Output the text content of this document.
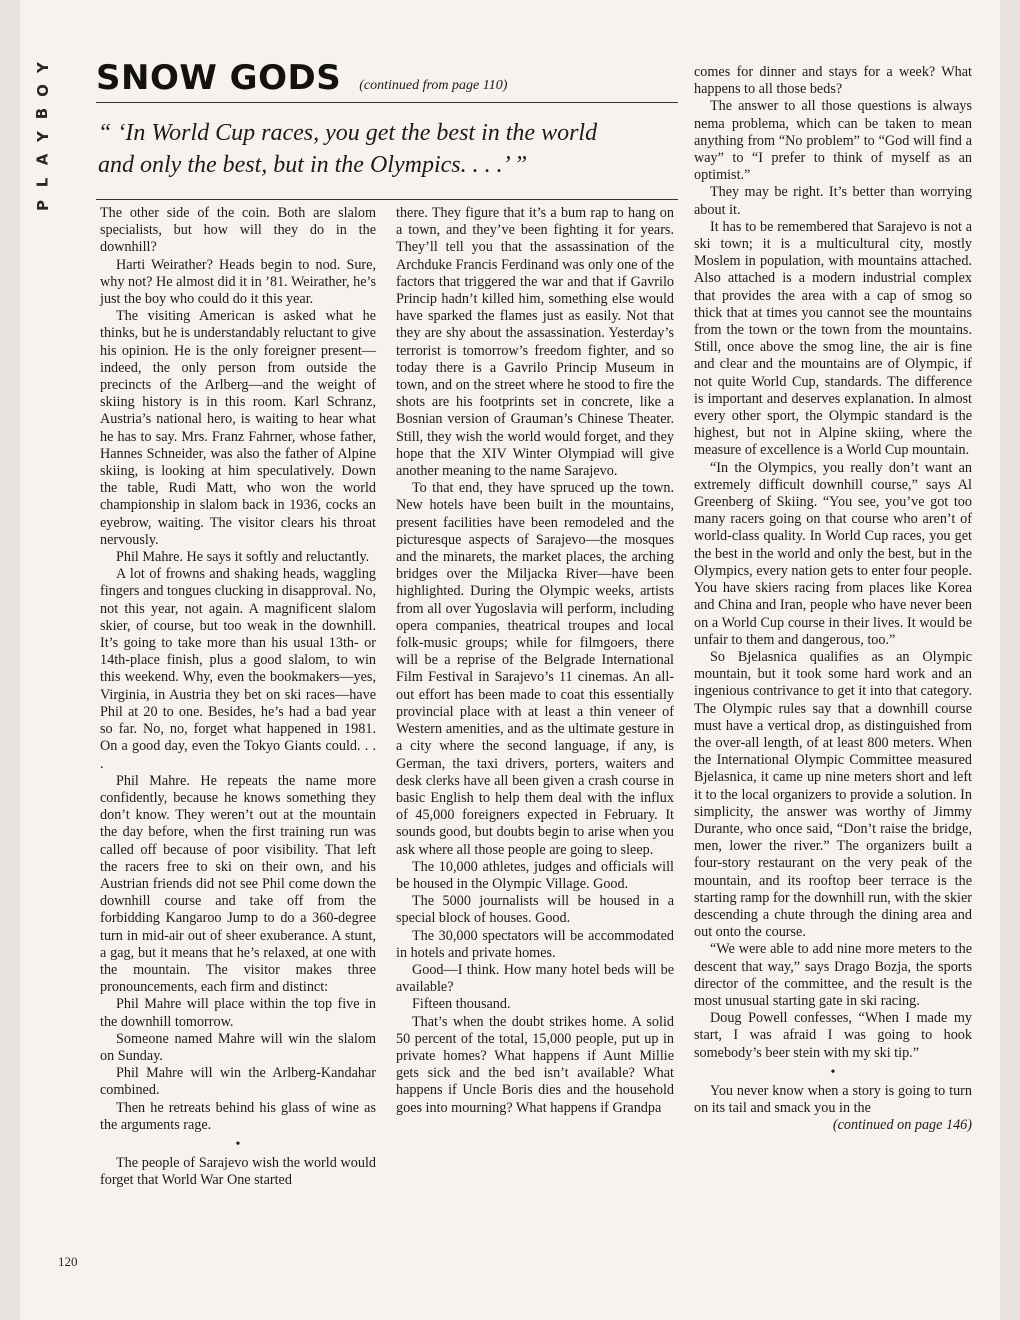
Y
O
B
Y
A
L
P
SNOW GODS (continued from page 110)
“ ‘In World Cup races, you get the best in the world
and only the best, but in the Olympics. . . .’ ”

The other side of the coin. Both are slalom specialists, but how will they do in the downhill?

Harti Weirather? Heads begin to nod. Sure, why not? He almost did it in ’81. Weirather, he’s just the boy who could do it this year.

The visiting American is asked what he thinks, but he is understandably reluctant to give his opinion. He is the only foreigner present—indeed, the only person from outside the precincts of the Arlberg—and the weight of skiing history is in this room. Karl Schranz, Austria’s national hero, is waiting to hear what he has to say. Mrs. Franz Fahrner, whose father, Hannes Schneider, was also the father of Alpine skiing, is looking at him speculatively. Down the table, Rudi Matt, who won the world championship in slalom back in 1936, cocks an eyebrow, waiting. The visitor clears his throat nervously.

Phil Mahre. He says it softly and reluctantly.

A lot of frowns and shaking heads, waggling fingers and tongues clucking in disapproval. No, not this year, not again. A magnificent slalom skier, of course, but too weak in the downhill. It’s going to take more than his usual 13th- or 14th-place finish, plus a good slalom, to win this weekend. Why, even the bookmakers—yes, Virginia, in Austria they bet on ski races—have Phil at 20 to one. Besides, he’s had a bad year so far. No, no, forget what happened in 1981. On a good day, even the Tokyo Giants could. . . .

Phil Mahre. He repeats the name more confidently, because he knows something they don’t know. They weren’t out at the mountain the day before, when the first training run was called off because of poor visibility. That left the racers free to ski on their own, and his Austrian friends did not see Phil come down the downhill course and take off from the forbidding Kangaroo Jump to do a 360-degree turn in mid-air out of sheer exuberance. A stunt, a gag, but it means that he’s relaxed, at one with the mountain. The visitor makes three pronouncements, each firm and distinct:

Phil Mahre will place within the top five in the downhill tomorrow.

Someone named Mahre will win the slalom on Sunday.

Phil Mahre will win the Arlberg-Kandahar combined.

Then he retreats behind his glass of wine as the arguments rage.

•

The people of Sarajevo wish the world would forget that World War One started

there. They figure that it’s a bum rap to hang on a town, and they’ve been fighting it for years. They’ll tell you that the assassination of the Archduke Francis Ferdinand was only one of the factors that triggered the war and that if Gavrilo Princip hadn’t killed him, something else would have sparked the flames just as easily. Not that they are shy about the assassination. Yesterday’s terrorist is tomorrow’s freedom fighter, and so today there is a Gavrilo Princip Museum in town, and on the street where he stood to fire the shots are his footprints set in concrete, like a Bosnian version of Grauman’s Chinese Theater. Still, they wish the world would forget, and they hope that the XIV Winter Olympiad will give another meaning to the name Sarajevo.

To that end, they have spruced up the town. New hotels have been built in the mountains, present facilities have been remodeled and the picturesque aspects of Sarajevo—the mosques and the minarets, the market places, the arching bridges over the Miljacka River—have been highlighted. During the Olympic weeks, artists from all over Yugoslavia will perform, including opera companies, theatrical troupes and local folk-music groups; while for filmgoers, there will be a reprise of the Belgrade International Film Festival in Sarajevo’s 11 cinemas. An all-out effort has been made to coat this essentially provincial place with at least a thin veneer of Western amenities, and as the ultimate gesture in a city where the second language, if any, is German, the taxi drivers, porters, waiters and desk clerks have all been given a crash course in basic English to help them deal with the influx of 45,000 foreigners expected in February. It sounds good, but doubts begin to arise when you ask where all those people are going to sleep.

The 10,000 athletes, judges and officials will be housed in the Olympic Village. Good.

The 5000 journalists will be housed in a special block of houses. Good.

The 30,000 spectators will be accommodated in hotels and private homes.

Good—I think. How many hotel beds will be available?

Fifteen thousand.

That’s when the doubt strikes home. A solid 50 percent of the total, 15,000 people, put up in private homes? What happens if Aunt Millie gets sick and the bed isn’t available? What happens if Uncle Boris dies and the household goes into mourning? What happens if Grandpa

comes for dinner and stays for a week? What happens to all those beds?

The answer to all those questions is always nema problema, which can be taken to mean anything from “No problem” to “God will find a way” to “I prefer to think of myself as an optimist.”

They may be right. It’s better than worrying about it.

It has to be remembered that Sarajevo is not a ski town; it is a multicultural city, mostly Moslem in population, with mountains attached. Also attached is a modern industrial complex that provides the area with a cap of smog so thick that at times you cannot see the mountains from the town or the town from the mountains. Still, once above the smog line, the air is fine and clear and the mountains are of Olympic, if not quite World Cup, standards. The difference is important and deserves explanation. In almost every other sport, the Olympic standard is the highest, but not in Alpine skiing, where the measure of excellence is a World Cup mountain.

“In the Olympics, you really don’t want an extremely difficult downhill course,” says Al Greenberg of Skiing. “You see, you’ve got too many racers going on that course who aren’t of world-class quality. In World Cup races, you get the best in the world and only the best, but in the Olympics, every nation gets to enter four people. You have skiers racing from places like Korea and China and Iran, people who have never been on a World Cup course in their lives. It would be unfair to them and dangerous, too.”

So Bjelasnica qualifies as an Olympic mountain, but it took some hard work and an ingenious contrivance to get it into that category. The Olympic rules say that a downhill course must have a vertical drop, as distinguished from the over-all length, of at least 800 meters. When the International Olympic Committee measured Bjelasnica, it came up nine meters short and left it to the local organizers to provide a solution. In simplicity, the answer was worthy of Jimmy Durante, who once said, “Don’t raise the bridge, men, lower the river.” The organizers built a four-story restaurant on the very peak of the mountain, and its rooftop beer terrace is the starting ramp for the downhill run, with the skier descending a chute through the dining area and out onto the course.

“We were able to add nine more meters to the descent that way,” says Drago Bozja, the sports director of the committee, and the result is the most unusual starting gate in ski racing.

Doug Powell confesses, “When I made my start, I was afraid I was going to hook somebody’s beer stein with my ski tip.”

•

You never know when a story is going to turn on its tail and smack you in the

(continued on page 146)

120
